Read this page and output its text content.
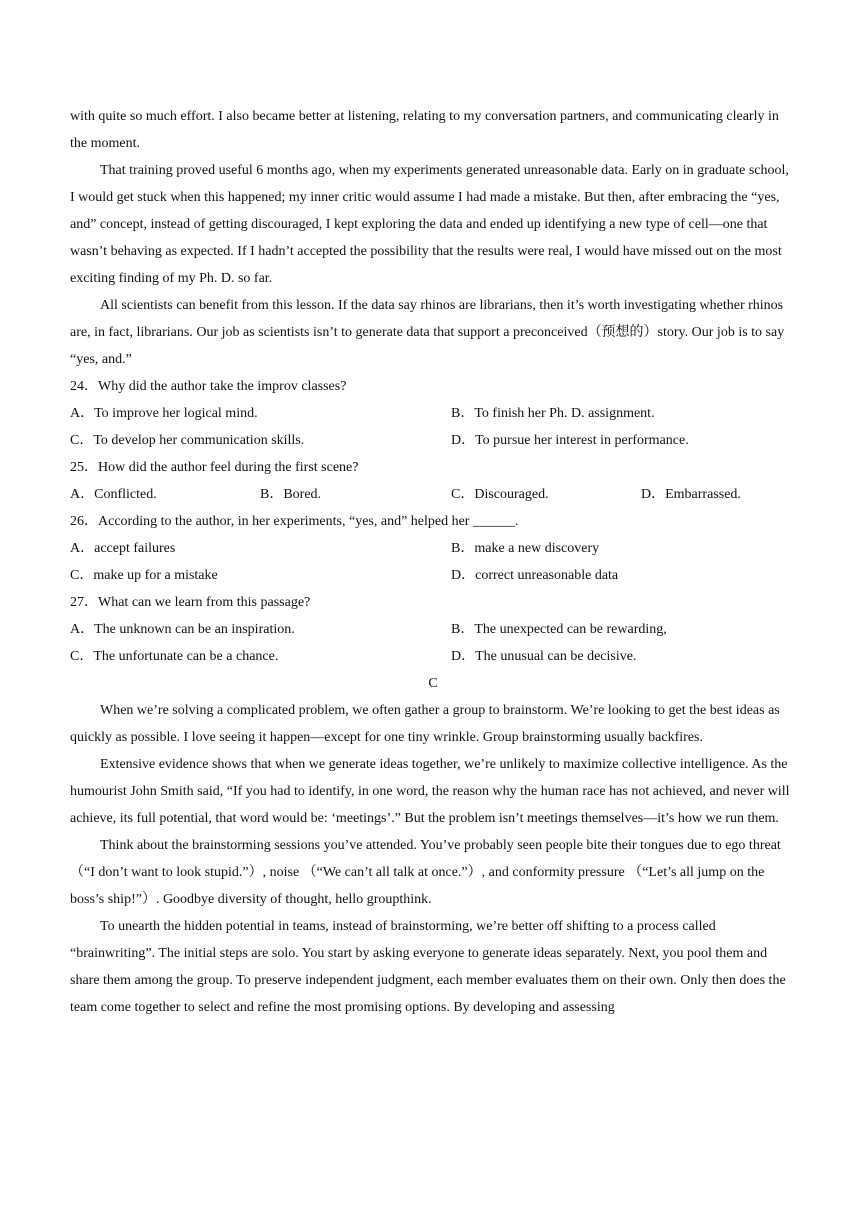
with quite so much effort. I also became better at listening, relating to my conversation partners, and communicating clearly in the moment.

That training proved useful 6 months ago, when my experiments generated unreasonable data. Early on in graduate school, I would get stuck when this happened; my inner critic would assume I had made a mistake. But then, after embracing the “yes, and” concept, instead of getting discouraged, I kept exploring the data and ended up identifying a new type of cell—one that wasn’t behaving as expected. If I hadn’t accepted the possibility that the results were real, I would have missed out on the most exciting finding of my Ph. D. so far.

All scientists can benefit from this lesson. If the data say rhinos are librarians, then it’s worth investigating whether rhinos are, in fact, librarians. Our job as scientists isn’t to generate data that support a preconceived（预想的）story. Our job is to say “yes, and.”

24．Why did the author take the improv classes?
A．To improve her logical mind.	B．To finish her Ph. D. assignment.
C．To develop her communication skills.	D．To pursue her interest in performance.
25．How did the author feel during the first scene?
A．Conflicted.	B．Bored.	C．Discouraged.	D．Embarrassed.
26．According to the author, in her experiments, “yes, and” helped her ______.
A．accept failures	B．make a new discovery
C．make up for a mistake	D．correct unreasonable data
27．What can we learn from this passage?
A．The unknown can be an inspiration.	B．The unexpected can be rewarding,
C．The unfortunate can be a chance.	D．The unusual can be decisive.
C

When we’re solving a complicated problem, we often gather a group to brainstorm. We’re looking to get the best ideas as quickly as possible. I love seeing it happen—except for one tiny wrinkle. Group brainstorming usually backfires.

Extensive evidence shows that when we generate ideas together, we’re unlikely to maximize collective intelligence. As the humourist John Smith said, “If you had to identify, in one word, the reason why the human race has not achieved, and never will achieve, its full potential, that word would be: ‘meetings’.” But the problem isn’t meetings themselves—it’s how we run them.

Think about the brainstorming sessions you’ve attended. You’ve probably seen people bite their tongues due to ego threat（“I don’t want to look stupid.”）, noise （“We can’t all talk at once.”）, and conformity pressure （“Let’s all jump on the boss’s ship!”）. Goodbye diversity of thought, hello groupthink.

To unearth the hidden potential in teams, instead of brainstorming, we’re better off shifting to a process called “brainwriting”. The initial steps are solo. You start by asking everyone to generate ideas separately. Next, you pool them and share them among the group. To preserve independent judgment, each member evaluates them on their own. Only then does the team come together to select and refine the most promising options. By developing and assessing
